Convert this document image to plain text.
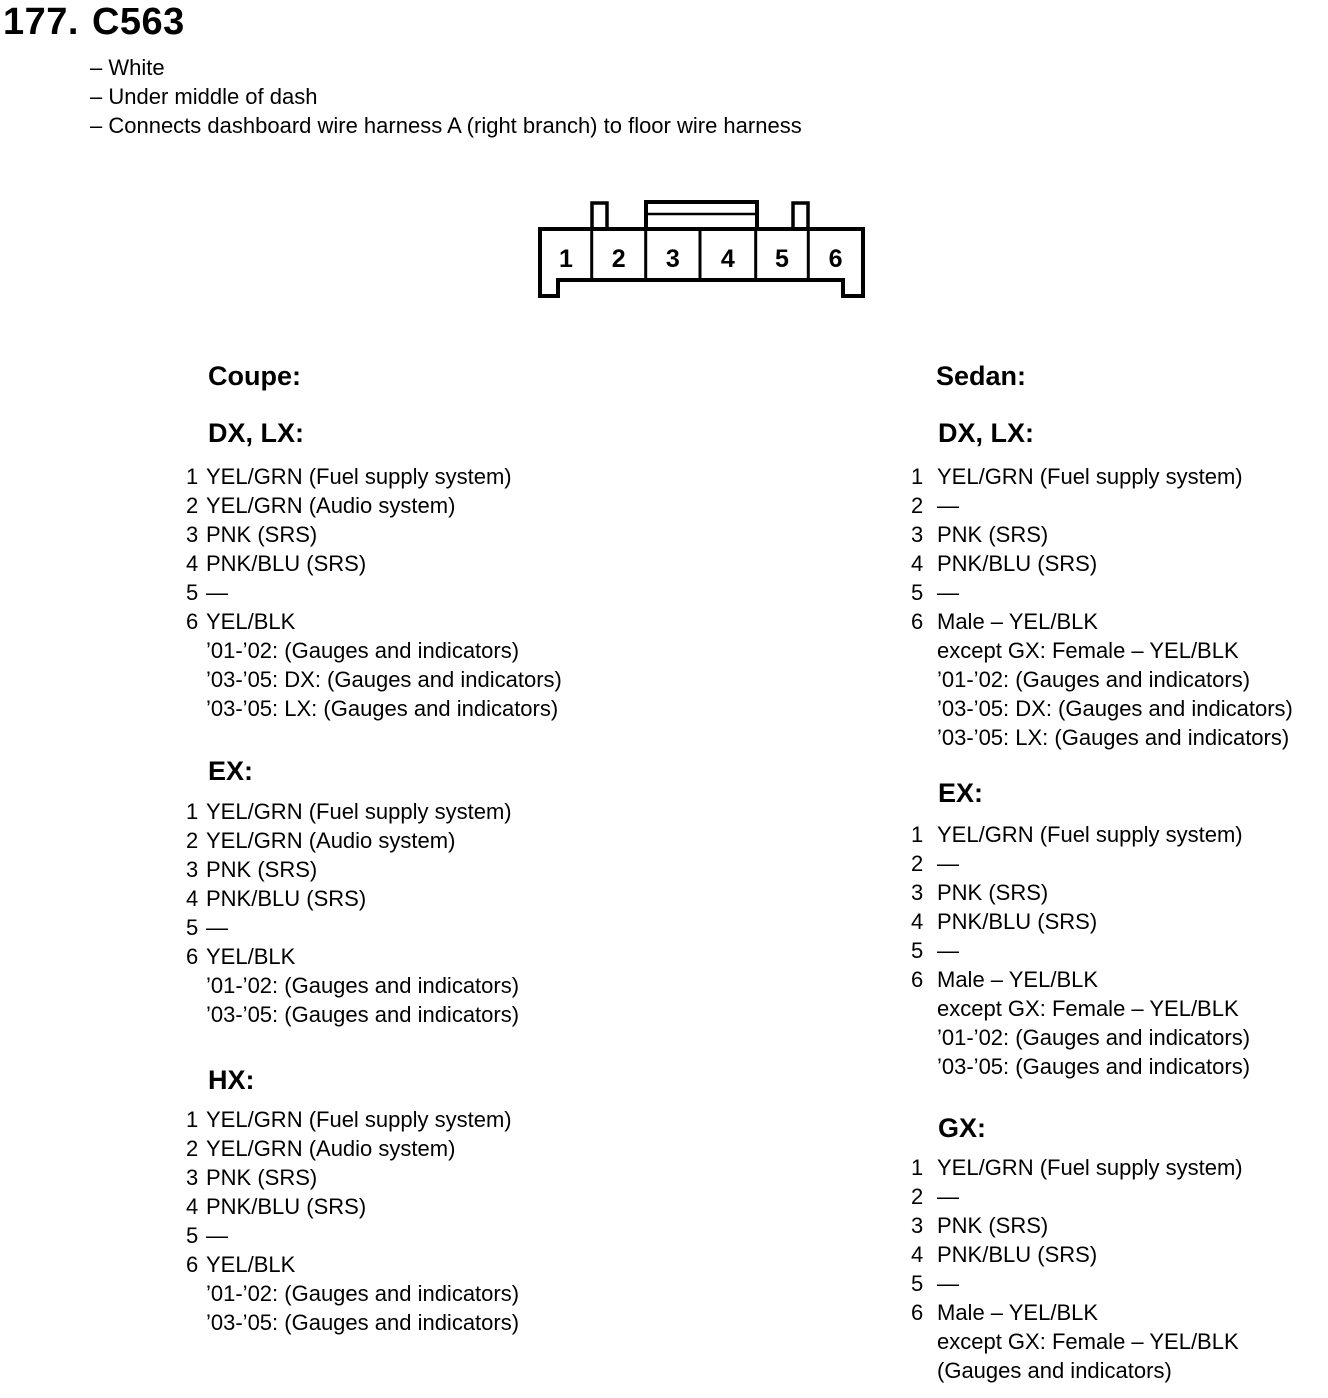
177. C563
– White
– Under middle of dash
– Connects dashboard wire harness A (right branch) to floor wire harness
1 2 3 4 5 6
Coupe:
DX, LX:
1 YEL/GRN (Fuel supply system)
2 YEL/GRN (Audio system)
3 PNK (SRS)
4 PNK/BLU (SRS)
5 —
6 YEL/BLK
’01-’02: (Gauges and indicators)
’03-’05: DX: (Gauges and indicators)
’03-’05: LX: (Gauges and indicators)
EX:
1 YEL/GRN (Fuel supply system)
2 YEL/GRN (Audio system)
3 PNK (SRS)
4 PNK/BLU (SRS)
5 —
6 YEL/BLK
’01-’02: (Gauges and indicators)
’03-’05: (Gauges and indicators)
HX:
1 YEL/GRN (Fuel supply system)
2 YEL/GRN (Audio system)
3 PNK (SRS)
4 PNK/BLU (SRS)
5 —
6 YEL/BLK
’01-’02: (Gauges and indicators)
’03-’05: (Gauges and indicators)
Sedan:
DX, LX:
1 YEL/GRN (Fuel supply system)
2 —
3 PNK (SRS)
4 PNK/BLU (SRS)
5 —
6 Male – YEL/BLK
except GX: Female – YEL/BLK
’01-’02: (Gauges and indicators)
’03-’05: DX: (Gauges and indicators)
’03-’05: LX: (Gauges and indicators)
EX:
1 YEL/GRN (Fuel supply system)
2 —
3 PNK (SRS)
4 PNK/BLU (SRS)
5 —
6 Male – YEL/BLK
except GX: Female – YEL/BLK
’01-’02: (Gauges and indicators)
’03-’05: (Gauges and indicators)
GX:
1 YEL/GRN (Fuel supply system)
2 —
3 PNK (SRS)
4 PNK/BLU (SRS)
5 —
6 Male – YEL/BLK
except GX: Female – YEL/BLK
(Gauges and indicators)
